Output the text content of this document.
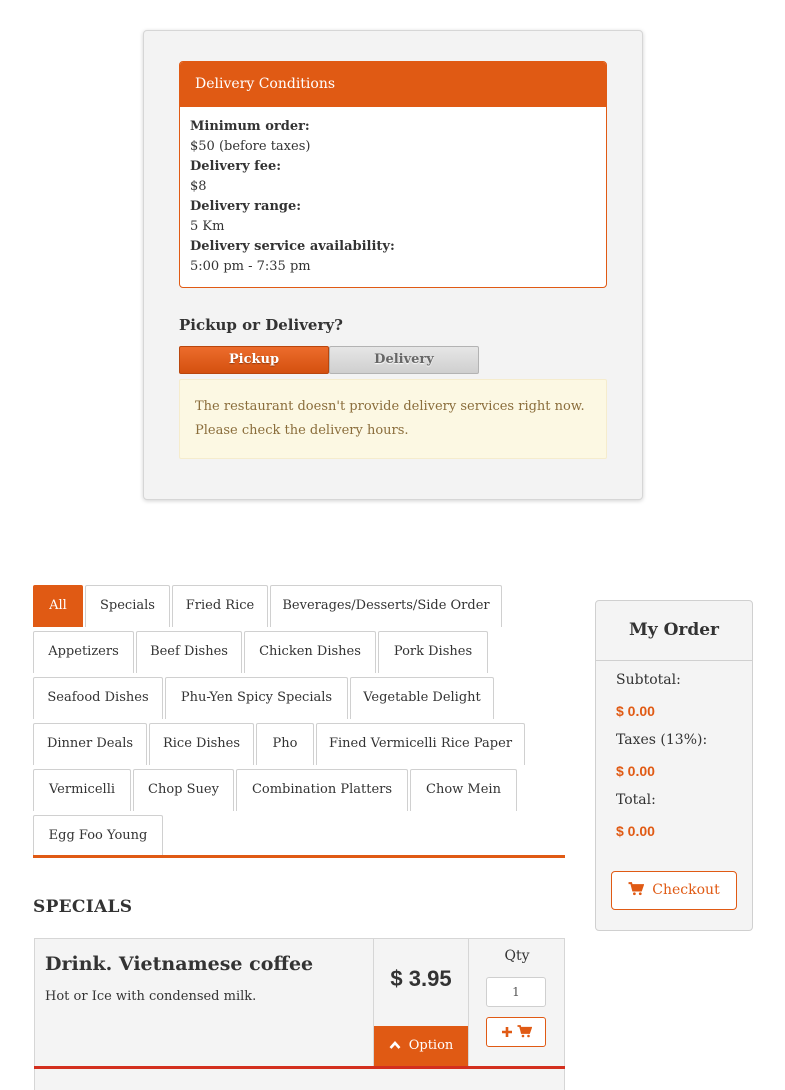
Delivery Conditions
Minimum order:
$50 (before taxes)
Delivery fee:
$8
Delivery range:
5 Km
Delivery service availability:
5:00 pm - 7:35 pm
Pickup or Delivery?
Pickup	Delivery
The restaurant doesn't provide delivery services right now.
Please check the delivery hours.
All	Specials	Fried Rice	Beverages/Desserts/Side Order
Appetizers	Beef Dishes	Chicken Dishes	Pork Dishes
Seafood Dishes	Phu-Yen Spicy Specials	Vegetable Delight
Dinner Deals	Rice Dishes	Pho	Fined Vermicelli Rice Paper
Vermicelli	Chop Suey	Combination Platters	Chow Mein
Egg Foo Young
SPECIALS
Drink. Vietnamese coffee
Hot or Ice with condensed milk.
$ 3.95
Option
Qty
1
My Order
Subtotal:
$ 0.00
Taxes (13%):
$ 0.00
Total:
$ 0.00
Checkout
